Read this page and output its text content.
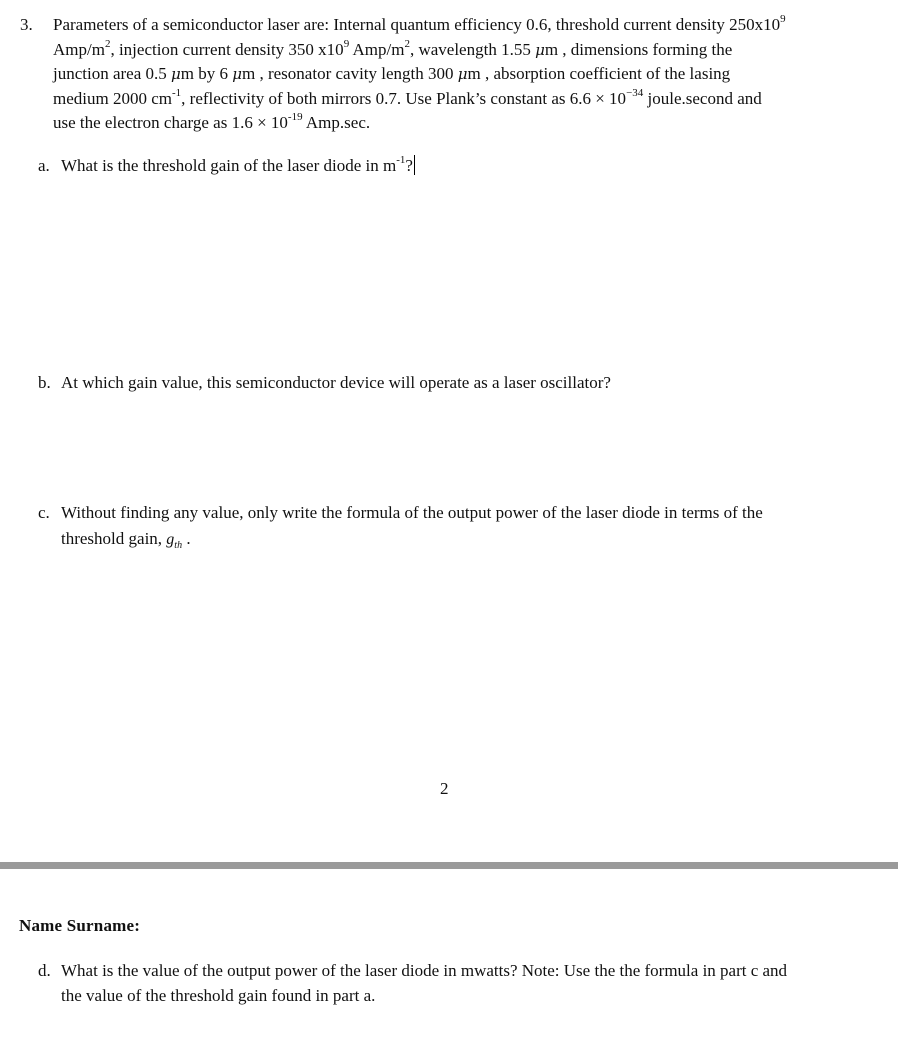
3. Parameters of a semiconductor laser are: Internal quantum efficiency 0.6, threshold current density $250x10^9$
Amp/$m^2$, injection current density 350 $x10^9$ Amp/$m^2$, wavelength 1.55 μm , dimensions forming the
junction area 0.5 μm by 6 μm , resonator cavity length 300 μm , absorption coefficient of the lasing
medium 2000 $cm^{-1}$, reflectivity of both mirrors 0.7. Use Plank’s constant as $6.6 \times 10^{-34}$ joule.second and
use the electron charge as $1.6 \times 10^{-19}$ Amp.sec.
a. What is the threshold gain of the laser diode in $m^{-1}$?
b. At which gain value, this semiconductor device will operate as a laser oscillator?
c. Without finding any value, only write the formula of the output power of the laser diode in terms of the
threshold gain, $g_{th}$ .
2
Name Surname:
d. What is the value of the output power of the laser diode in mwatts? Note: Use the the formula in part c and
the value of the threshold gain found in part a.
